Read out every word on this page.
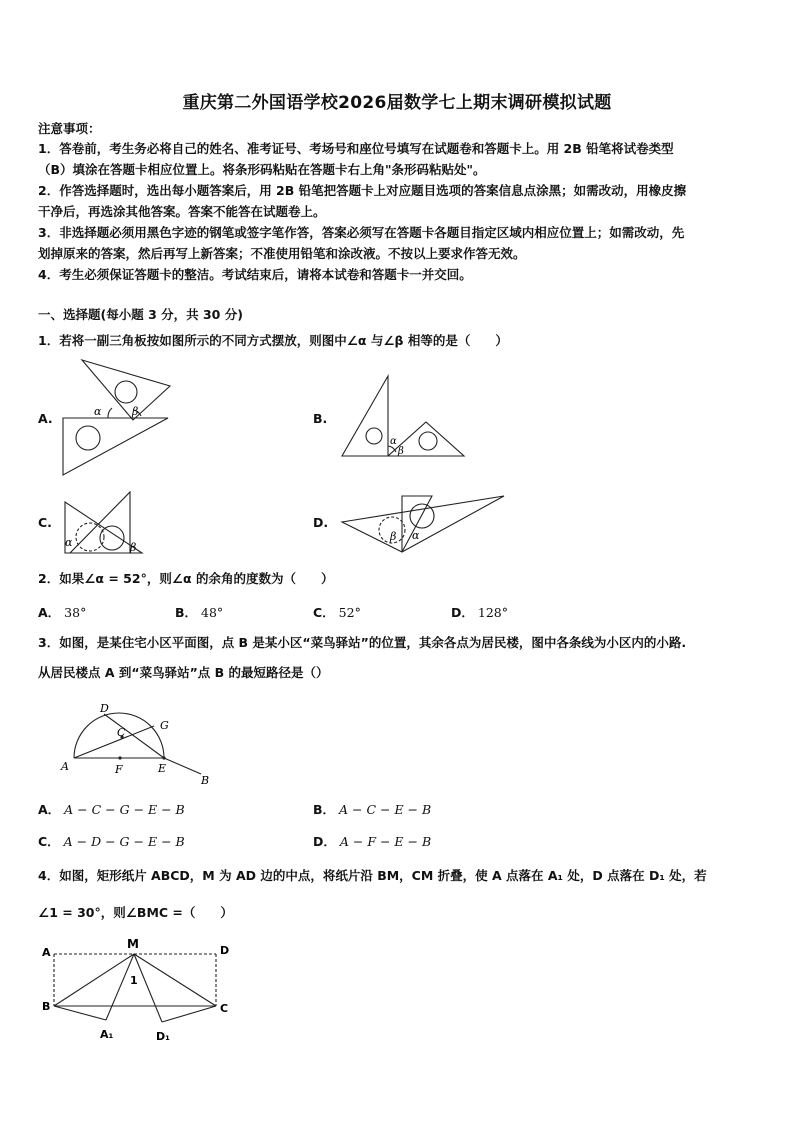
重庆第二外国语学校2026届数学七上期末调研模拟试题
注意事项：
1．答卷前，考生务必将自己的姓名、准考证号、考场号和座位号填写在试题卷和答题卡上。用 2B 铅笔将试卷类型
（B）填涂在答题卡相应位置上。将条形码粘贴在答题卡右上角"条形码粘贴处"。
2．作答选择题时，选出每小题答案后，用 2B 铅笔把答题卡上对应题目选项的答案信息点涂黑；如需改动，用橡皮擦
干净后，再选涂其他答案。答案不能答在试题卷上。
3．非选择题必须用黑色字迹的钢笔或签字笔作答，答案必须写在答题卡各题目指定区域内相应位置上；如需改动，先
划掉原来的答案，然后再写上新答案；不准使用铅笔和涂改液。不按以上要求作答无效。
4．考生必须保证答题卡的整洁。考试结束后，请将本试卷和答题卡一并交回。
一、选择题(每小题 3 分，共 30 分)
1．若将一副三角板按如图所示的不同方式摆放，则图中∠α 与∠β 相等的是（　　）
A.	B.
C.	D.
α	β
α
β
α	β
β α
2．如果∠α = 52°，则∠α 的余角的度数为（　　）
A． 38°	B． 48°	C． 52°	D． 128°
3．如图，是某住宅小区平面图，点 B 是某小区“菜鸟驿站”的位置，其余各点为居民楼，图中各条线为小区内的小路.
从居民楼点 A 到“菜鸟驿站”点 B 的最短路径是（）
D
G
C
A	F	E
B
A． A − C − G − E − B	B． A − C − E − B
C． A − D − G − E − B	D． A − F − E − B
4．如图，矩形纸片 ABCD，M 为 AD 边的中点，将纸片沿 BM，CM 折叠，使 A 点落在 A₁ 处，D 点落在 D₁ 处，若
∠1 = 30°，则∠BMC =（　　）
A
M	D
B	C
1
A₁	D₁
